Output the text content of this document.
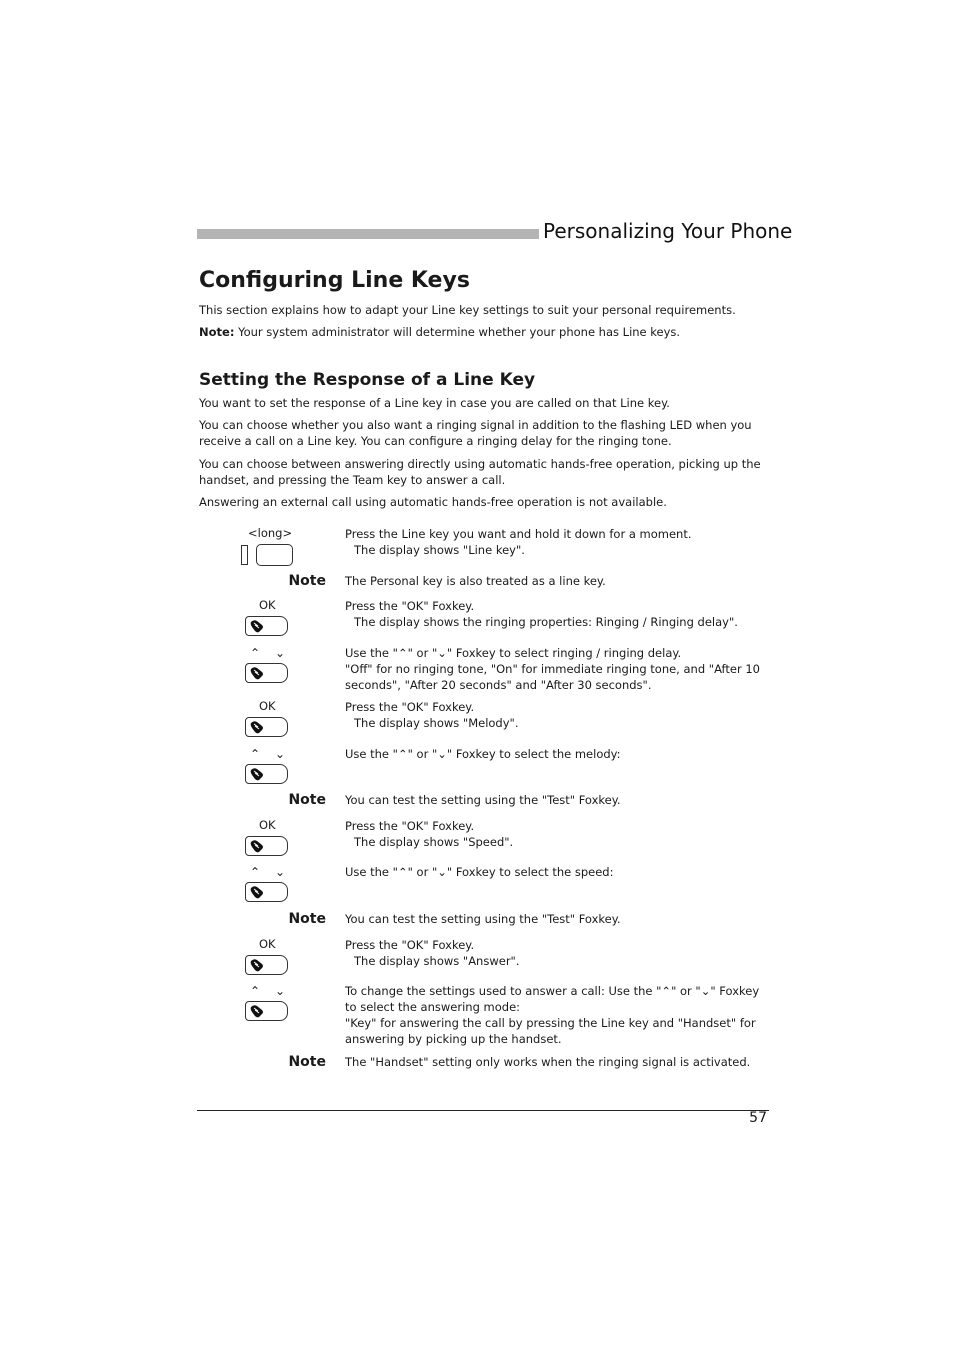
Personalizing Your Phone
Configuring Line Keys
This section explains how to adapt your Line key settings to suit your personal requirements.
Note: Your system administrator will determine whether your phone has Line keys.
Setting the Response of a Line Key
You want to set the response of a Line key in case you are called on that Line key.
You can choose whether you also want a ringing signal in addition to the flashing LED when you receive a call on a Line key. You can configure a ringing delay for the ringing tone.
You can choose between answering directly using automatic hands-free operation, picking up the handset, and pressing the Team key to answer a call.
Answering an external call using automatic hands-free operation is not available.
<long>	Press the Line key you want and hold it down for a moment.
The display shows "Line key".
Note The Personal key is also treated as a line key.
OK	Press the "OK" Foxkey.
The display shows the ringing properties: Ringing / Ringing delay".
⌃ ⌄	Use the "⌃" or "⌄" Foxkey to select ringing / ringing delay.
"Off" for no ringing tone, "On" for immediate ringing tone, and "After 10 seconds", "After 20 seconds" and "After 30 seconds".
OK	Press the "OK" Foxkey.
The display shows "Melody".
⌃ ⌄	Use the "⌃" or "⌄" Foxkey to select the melody:
Note You can test the setting using the "Test" Foxkey.
OK	Press the "OK" Foxkey.
The display shows "Speed".
⌃ ⌄	Use the "⌃" or "⌄" Foxkey to select the speed:
Note You can test the setting using the "Test" Foxkey.
OK	Press the "OK" Foxkey.
The display shows "Answer".
⌃ ⌄	To change the settings used to answer a call: Use the "⌃" or "⌄" Foxkey to select the answering mode:
"Key" for answering the call by pressing the Line key and "Handset" for answering by picking up the handset.
Note The "Handset" setting only works when the ringing signal is activated.
57
